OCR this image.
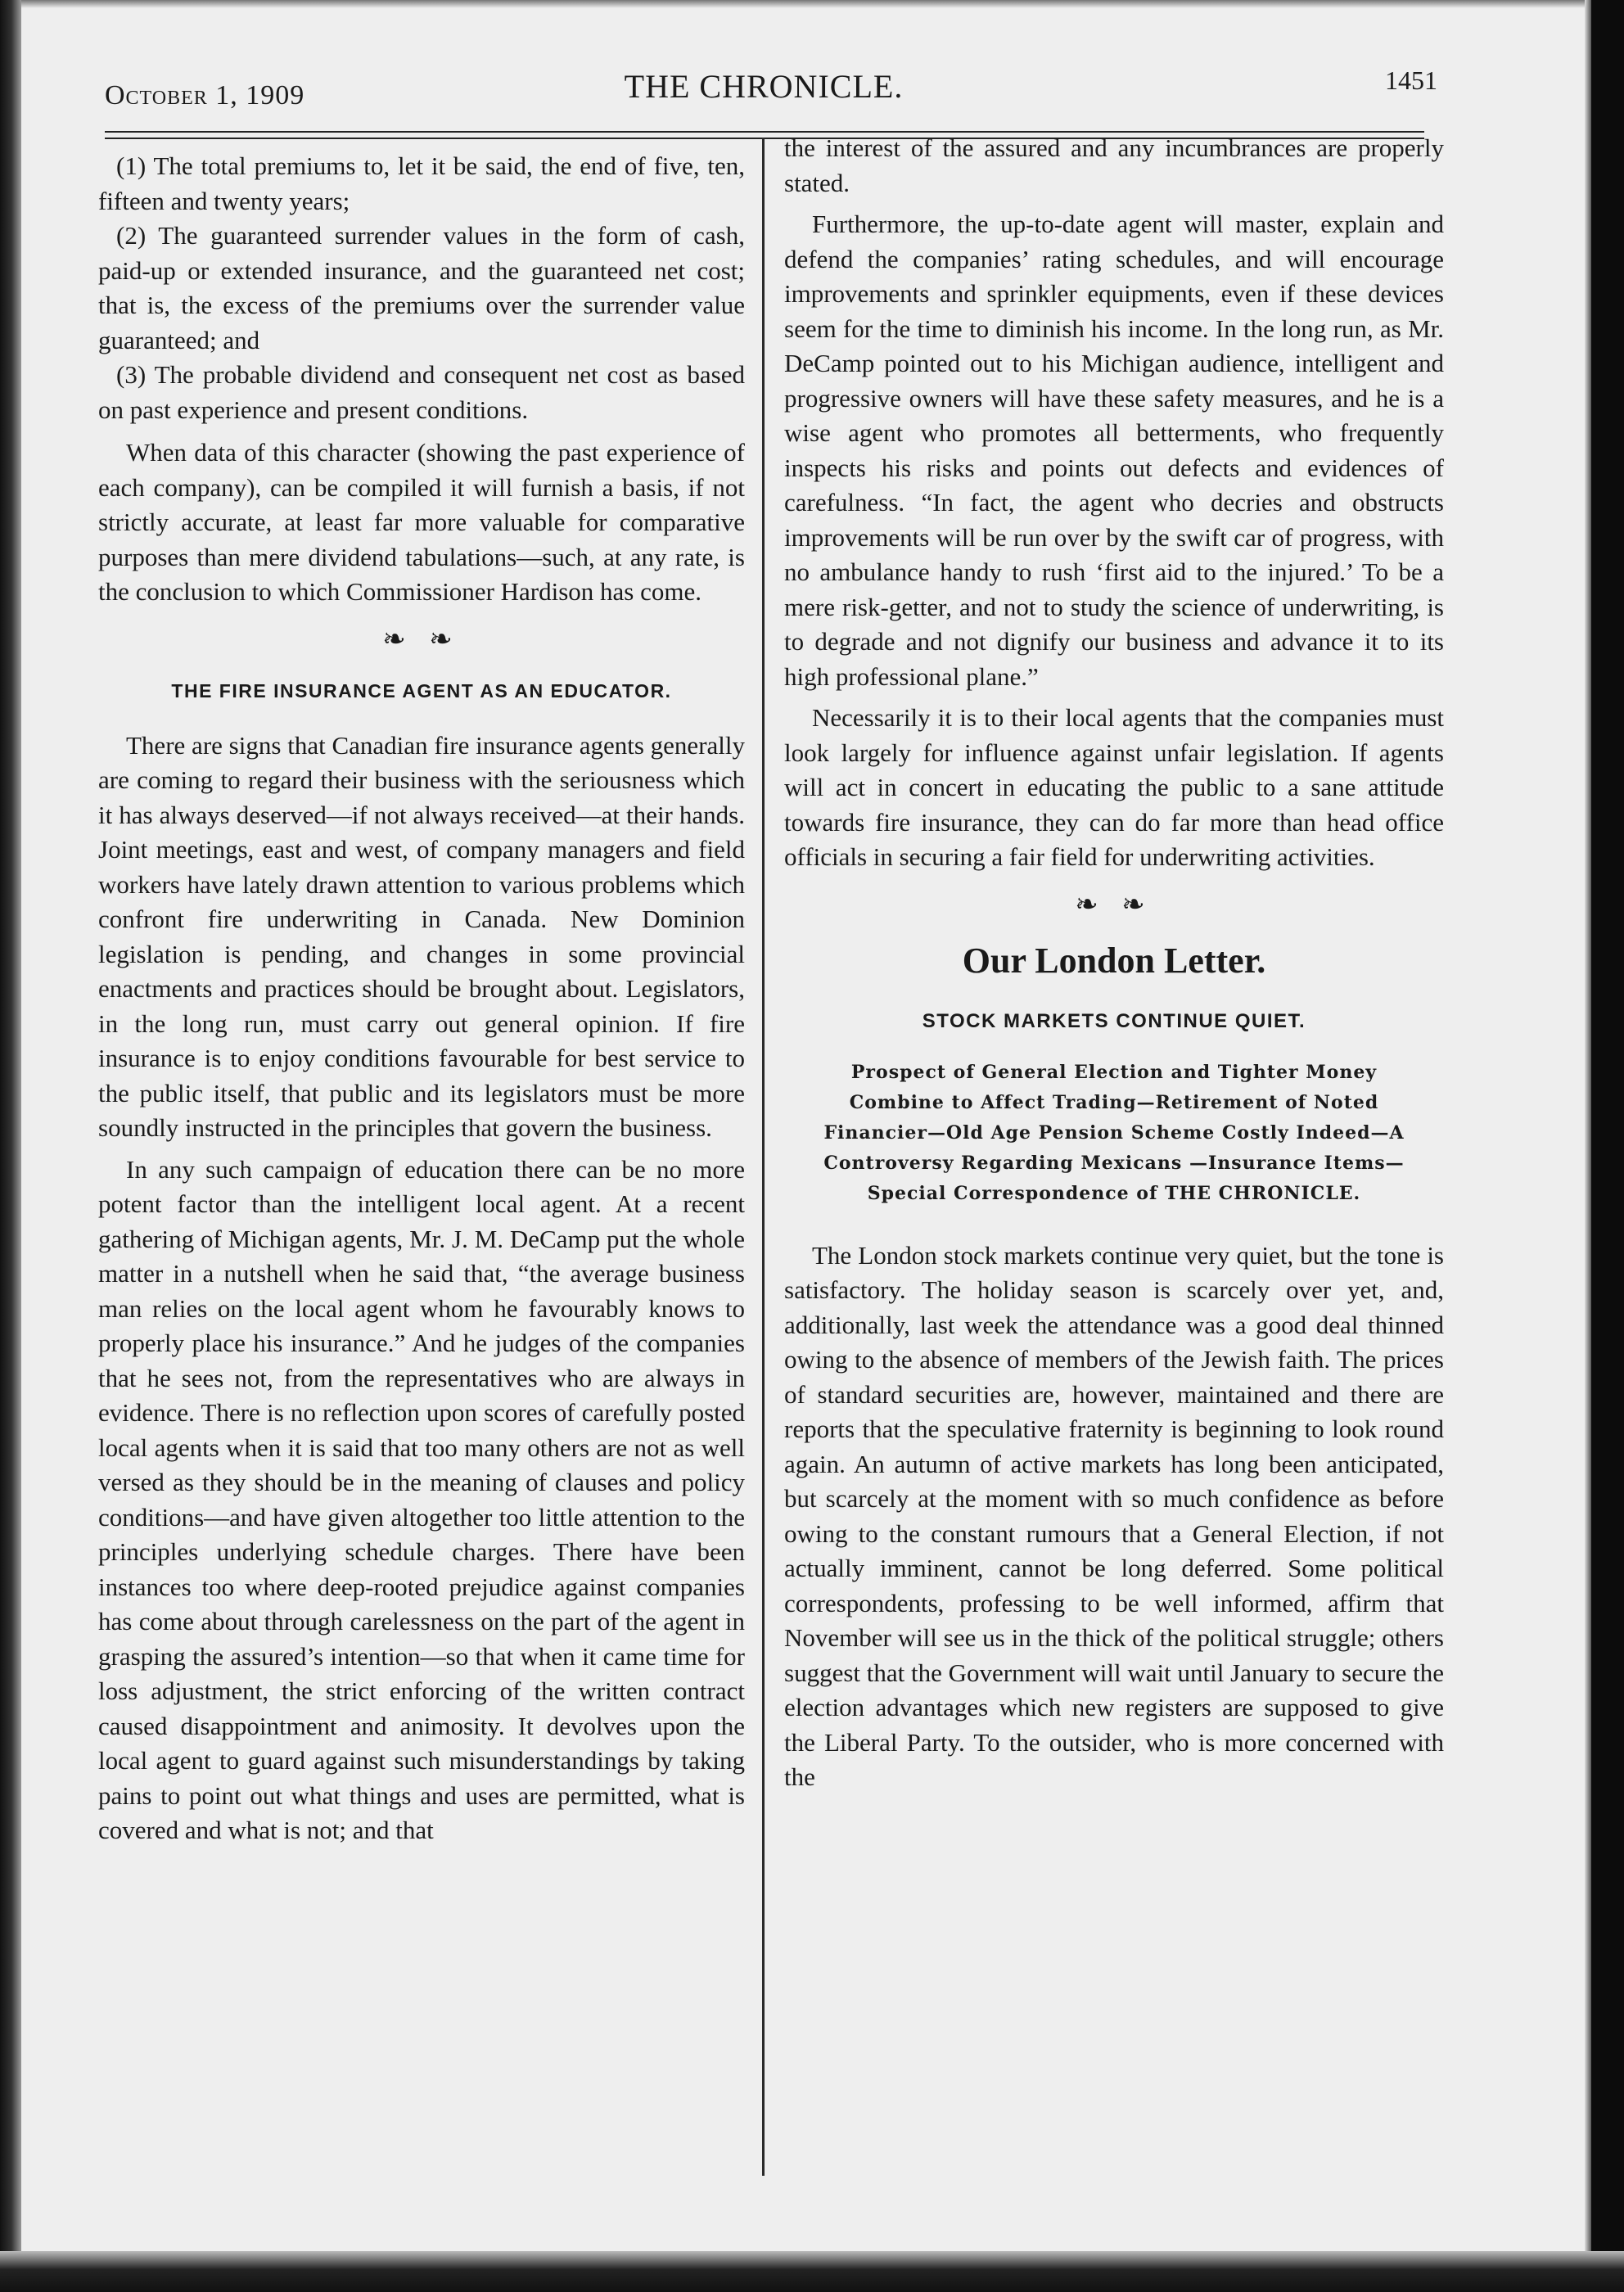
October 1, 1909	THE CHRONICLE.	1451

(1) The total premiums to, let it be said, the end of five, ten, fifteen and twenty years;

(2) The guaranteed surrender values in the form of cash, paid-up or extended insurance, and the guaranteed net cost; that is, the excess of the premiums over the surrender value guaranteed; and

(3) The probable dividend and consequent net cost as based on past experience and present conditions.

When data of this character (showing the past experience of each company), can be compiled it will furnish a basis, if not strictly accurate, at least far more valuable for comparative purposes than mere dividend tabulations—such, at any rate, is the conclusion to which Commissioner Hardison has come.

❧ ❧
THE FIRE INSURANCE AGENT AS AN EDUCATOR.

There are signs that Canadian fire insurance agents generally are coming to regard their business with the seriousness which it has always deserved—if not always received—at their hands. Joint meetings, east and west, of company managers and field workers have lately drawn attention to various problems which confront fire underwriting in Canada. New Dominion legislation is pending, and changes in some provincial enactments and practices should be brought about. Legislators, in the long run, must carry out general opinion. If fire insurance is to enjoy conditions favourable for best service to the public itself, that public and its legislators must be more soundly instructed in the principles that govern the business.

In any such campaign of education there can be no more potent factor than the intelligent local agent. At a recent gathering of Michigan agents, Mr. J. M. DeCamp put the whole matter in a nutshell when he said that, “the average business man relies on the local agent whom he favourably knows to properly place his insurance.” And he judges of the companies that he sees not, from the representatives who are always in evidence. There is no reflection upon scores of carefully posted local agents when it is said that too many others are not as well versed as they should be in the meaning of clauses and policy conditions—and have given altogether too little attention to the principles underlying schedule charges. There have been instances too where deep-rooted prejudice against companies has come about through carelessness on the part of the agent in grasping the assured’s intention—so that when it came time for loss adjustment, the strict enforcing of the written contract caused disappointment and animosity. It devolves upon the local agent to guard against such misunderstandings by taking pains to point out what things and uses are permitted, what is covered and what is not; and that

the interest of the assured and any incumbrances are properly stated.

Furthermore, the up-to-date agent will master, explain and defend the companies’ rating schedules, and will encourage improvements and sprinkler equipments, even if these devices seem for the time to diminish his income. In the long run, as Mr. DeCamp pointed out to his Michigan audience, intelligent and progressive owners will have these safety measures, and he is a wise agent who promotes all betterments, who frequently inspects his risks and points out defects and evidences of carefulness. “In fact, the agent who decries and obstructs improvements will be run over by the swift car of progress, with no ambulance handy to rush ‘first aid to the injured.’ To be a mere risk-getter, and not to study the science of underwriting, is to degrade and not dignify our business and advance it to its high professional plane.”

Necessarily it is to their local agents that the companies must look largely for influence against unfair legislation. If agents will act in concert in educating the public to a sane attitude towards fire insurance, they can do far more than head office officials in securing a fair field for underwriting activities.

❧ ❧
Our London Letter.
STOCK MARKETS CONTINUE QUIET.
Prospect of General Election and Tighter Money Combine to Affect Trading—Retirement of Noted Financier—Old Age Pension Scheme Costly Indeed—A Controversy Regarding Mexicans —Insurance Items—Special Correspondence of THE CHRONICLE.

The London stock markets continue very quiet, but the tone is satisfactory. The holiday season is scarcely over yet, and, additionally, last week the attendance was a good deal thinned owing to the absence of members of the Jewish faith. The prices of standard securities are, however, maintained and there are reports that the speculative fraternity is beginning to look round again. An autumn of active markets has long been anticipated, but scarcely at the moment with so much confidence as before owing to the constant rumours that a General Election, if not actually imminent, cannot be long deferred. Some political correspondents, professing to be well informed, affirm that November will see us in the thick of the political struggle; others suggest that the Government will wait until January to secure the election advantages which new registers are supposed to give the Liberal Party. To the outsider, who is more concerned with the
